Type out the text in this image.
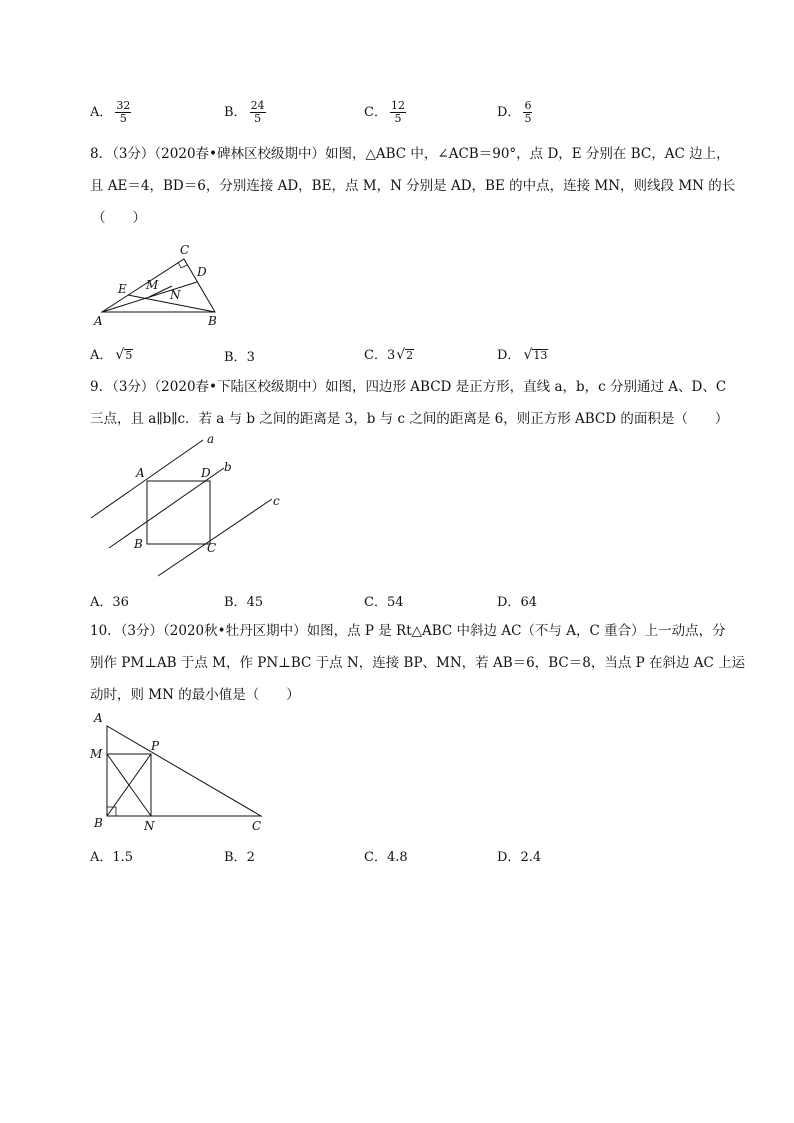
A． $\frac{32}{5}$	B． $\frac{24}{5}$	C． $\frac{12}{5}$	D． $\frac{6}{5}$
8．（3分）（2020春•碑林区校级期中）如图，△ABC 中，∠ACB＝90°，点 D，E 分别在 BC，AC 边上，
且 AE＝4，BD＝6，分别连接 AD，BE，点 M，N 分别是 AD，BE 的中点，连接 MN，则线段 MN 的长
（　　）
C
D
E M
N
A	B
A． √ 5	B．3	C．3 √ 2	D． √ 13
9．（3分）（2020春•下陆区校级期中）如图，四边形 ABCD 是正方形，直线 a，b，c 分别通过 A、D、C
三点，且 a∥b∥c．若 a 与 b 之间的距离是 3，b 与 c 之间的距离是 6，则正方形 ABCD 的面积是（　　）
a
b
c
A	D
B	C
A．36	B．45	C．54	D．64
10．（3分）（2020秋•牡丹区期中）如图，点 P 是 Rt△ABC 中斜边 AC（不与 A，C 重合）上一动点，分
别作 PM⊥AB 于点 M，作 PN⊥BC 于点 N，连接 BP、MN，若 AB＝6，BC＝8，当点 P 在斜边 AC 上运
动时，则 MN 的最小值是（　　）
A
M
P
B	N	C
A．1.5	B．2	C．4.8	D．2.4
